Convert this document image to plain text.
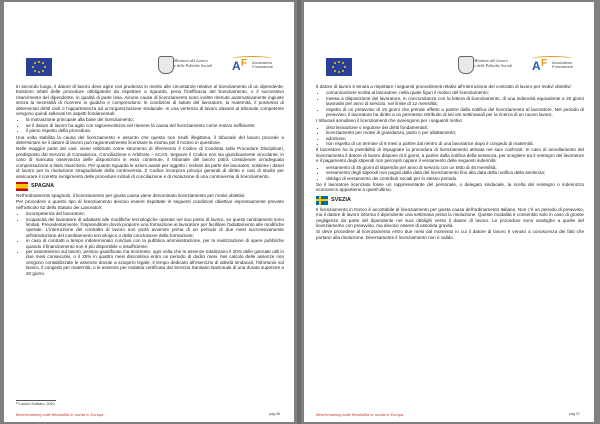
Ministero del Lavoro
e delle Politiche Sociali	A F Arcobaleno Formazione

In secondo luogo, il datore di lavoro deve agire con prudenza in merito alle circostanze relative al licenziamento di un dipendente. Esistono infatti delle procedure obbligatorie da rispettare a riguardo, pena l'inefficacia del licenziamento, o il successivo risarcimento del dipendente, in qualità di parte lesa. Alcune cause di licenziamento sono inoltre ritenute automaticamente ingiuste senza la necessità di ricorrere in giudizio e comprendono: le condizioni di salute del lavoratore, la maternità, il possesso di determinati diritti civili o l'appartenenza ad un'organizzazione sindacale. In una vertenza di lavoro davanti al tribunale competente vengono quindi sollevati tre aspetti fondamentali:

• la motivazione principale alla base del licenziamento;
• se il datore di lavoro ha agito con ragionevolezza nel ritenere la causa del licenziamento come motivo sufficiente;
• il pieno rispetto della procedura.

Una volta stabilita la causa del licenziamento e assunto che questa non risulti illegittima, il tribunale del lavoro procede a determinare se il datore di lavoro può ragionevolmente licenziare la risorsa per il motivo in questione.

Nelle maggior parte dei casi, viene utilizzato come strumento di riferimento il Codice di Condotta sulle Procedure Disciplinari, predisposto dal Servizio di Consulenza, Conciliazione e Arbitrato – ACAS. Seppure il Codice non sia giuridicamente vincolante, in caso di mancata osservanza delle disposizioni in esso contenute, il tribunale del lavoro potrà considerare un'adeguata compensazione a titolo risarcitorio. Per quanto riguarda le azioni avanti per oggetto i reclami da parte dei lavoratori, sostiene i datori di lavoro per la risoluzione stragiudiziale della controversia. Il Codice incorpora principi generali di diritto e casi di studio per assicurare il corretto svolgimento delle procedure iniziali di conciliazione e di risoluzione di una controversia di licenziamento.

SPAGNA

Nell'ordinamento spagnolo, il licenziamento per giusta causa viene denominato licenziamento per motivi obiettivi.

Per procedere a questo tipo di licenziamento devono essere rispettate le seguenti condizioni obiettive espressamente previste nell'articolo 52 dello Statuto dei Lavoratori:

• incompetenza del lavoratore;
• incapacità del lavoratore di adattarsi alle modifiche tecnologiche operate nel suo posto di lavoro, se questi cambiamenti sono limitati. Precedentemente, l'imprenditore dovrà proporre una formazione al lavoratore per facilitare l'adattamento alle modifiche operate. L'interruzione del contratto di lavoro non potrà avvenire prima di un periodo di due mesi successivamente all'introduzione del cambiamento tecnologico o della conclusione della formazione;
• in caso di contratti a tempo indeterminato conclusi con la pubblica amministrazione, per la realizzazione di opere pubbliche quando il finanziamento non è più disponibile o insufficiente;
• per assenteismo sul lavoro, persino giustificato ma ricorrente, ogni volta che le assenze totalizzano il 20% delle giornate utili in due mesi consecutivi, o il 25% in quattro mesi discontinui entro un periodo di dodici mesi. Nel calcolo delle assenze non vengono contabilizzate le assenze dovute a sciopero legale, il tempo dedicato all'esercizio di attività sindacali, l'infortunio sul lavoro, il congedo per maternità, o le assenze per malattia certificata dal Servizio Sanitario Nazionale di una durata superiore a 20 giorni.
¹² Lavoro Solidaro, 2010
Benchmarking sulle flessibilità in uscita in Europa	pag.36
Ministero del Lavoro
e delle Politiche Sociali	A F Arcobaleno Formazione

Il datore di lavoro è tenuto a rispettare i seguenti procedimenti relativi all'interruzione del contratto di lavoro per motivi obiettivi:

• comunicazione scritta al lavoratore, nella quale figuri il motivo del licenziamento;
• messa a disposizione del lavoratore, in concomitanza con la lettera di licenziamento, di una indennità equivalente a 20 giorni lavorativi per anno di servizio, nel limite di 12 mensilità;
• rispetto di un preavviso di 15 giorni che prende effetto a partire dalla notifica del licenziamento al lavoratore. Nel periodo di preavviso, il lavoratore ha diritto a un permesso retribuito di sei ore settimanali per la ricerca di un nuovo lavoro.

I tribunali annullano il licenziamenti che avvengono per i seguenti motivi:

• discriminazione o regulone dei diritti fondamentali;
• licenziamento per motivi di gravidanza, parto o per allattamento;
• adozione;
• non rispetto di un termine di 9 mesi a partire dal rientro di una lavoratrice dopo il congedo di maternità.

Il lavoratore ha la possibilità di impugnare la procedura di licenziamento attivata nei suoi confronti. In caso di annullamento del licenziamento il datore di lavoro dispone di 5 giorni, a partire dalla notifica della sentenza, per scegliere tra il reintegro del lavoratore e il pagamento degli stipendi non percepiti oppure il versamento delle seguenti indennità:

• versamento di 45 giorni di stipendio per anno di servizio con un tetto di 45 mensilità;
• versamento degli stipendi non pagati dalla data del licenziamento fino alla data della notifica della sentenza;
• obbligo di versamento dei contributi sociali per lo stesso periodo.

Se il lavoratore licenziato fosse un rappresentante del personale, o delegato sindacale, la scelta del reintegro o indennizzo economico appartiene a quest'ultimo.

SVEZIA

Il licenziamento in tronco è accettabile al licenziamento per giusta causa dell'ordinamento italiano. Non c'è un periodo di preavviso, ma il datore di lavoro informa il dipendente una settimana prima la risoluzione. Queste modalità è consentito solo in caso di grosse negligenze da parte del dipendente nei suoi obblighi verso il datore di lavoro. Le procedure sono analoghe a quelle del licenziamento con preavviso, ma devono essere di assoluta gravità.

Si deve procedere al licenziamento entro due mesi dal momento in cui il datore di lavoro è venuto a conoscenza dei fatti che portano alla risoluzione. Diversamente il licenziamento non è valido.

Benchmarking sulle flessibilità in uscita in Europa	pag.37
